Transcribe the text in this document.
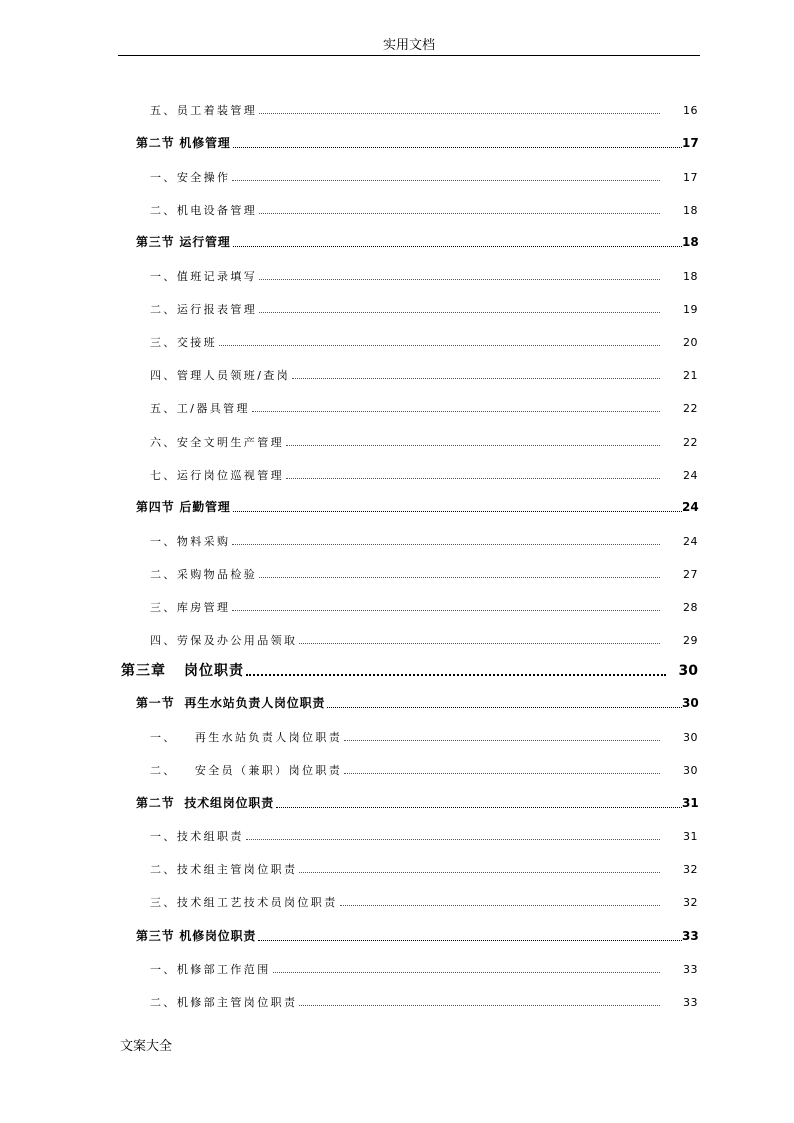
实用文档
五、员工着装管理	16
第二节 机修管理	17
一、安全操作	17
二、机电设备管理	18
第三节 运行管理	18
一、值班记录填写	18
二、运行报表管理	19
三、交接班	20
四、管理人员领班/查岗	21
五、工/器具管理	22
六、安全文明生产管理	22
七、运行岗位巡视管理	24
第四节 后勤管理	24
一、物料采购	24
二、采购物品检验	27
三、库房管理	28
四、劳保及办公用品领取	29
第三章 岗位职责	30
第一节 再生水站负责人岗位职责	30
一、 再生水站负责人岗位职责	30
二、 安全员（兼职）岗位职责	30
第二节 技术组岗位职责	31
一、技术组职责	31
二、技术组主管岗位职责	32
三、技术组工艺技术员岗位职责	32
第三节 机修岗位职责	33
一、机修部工作范围	33
二、机修部主管岗位职责	33
文案大全
